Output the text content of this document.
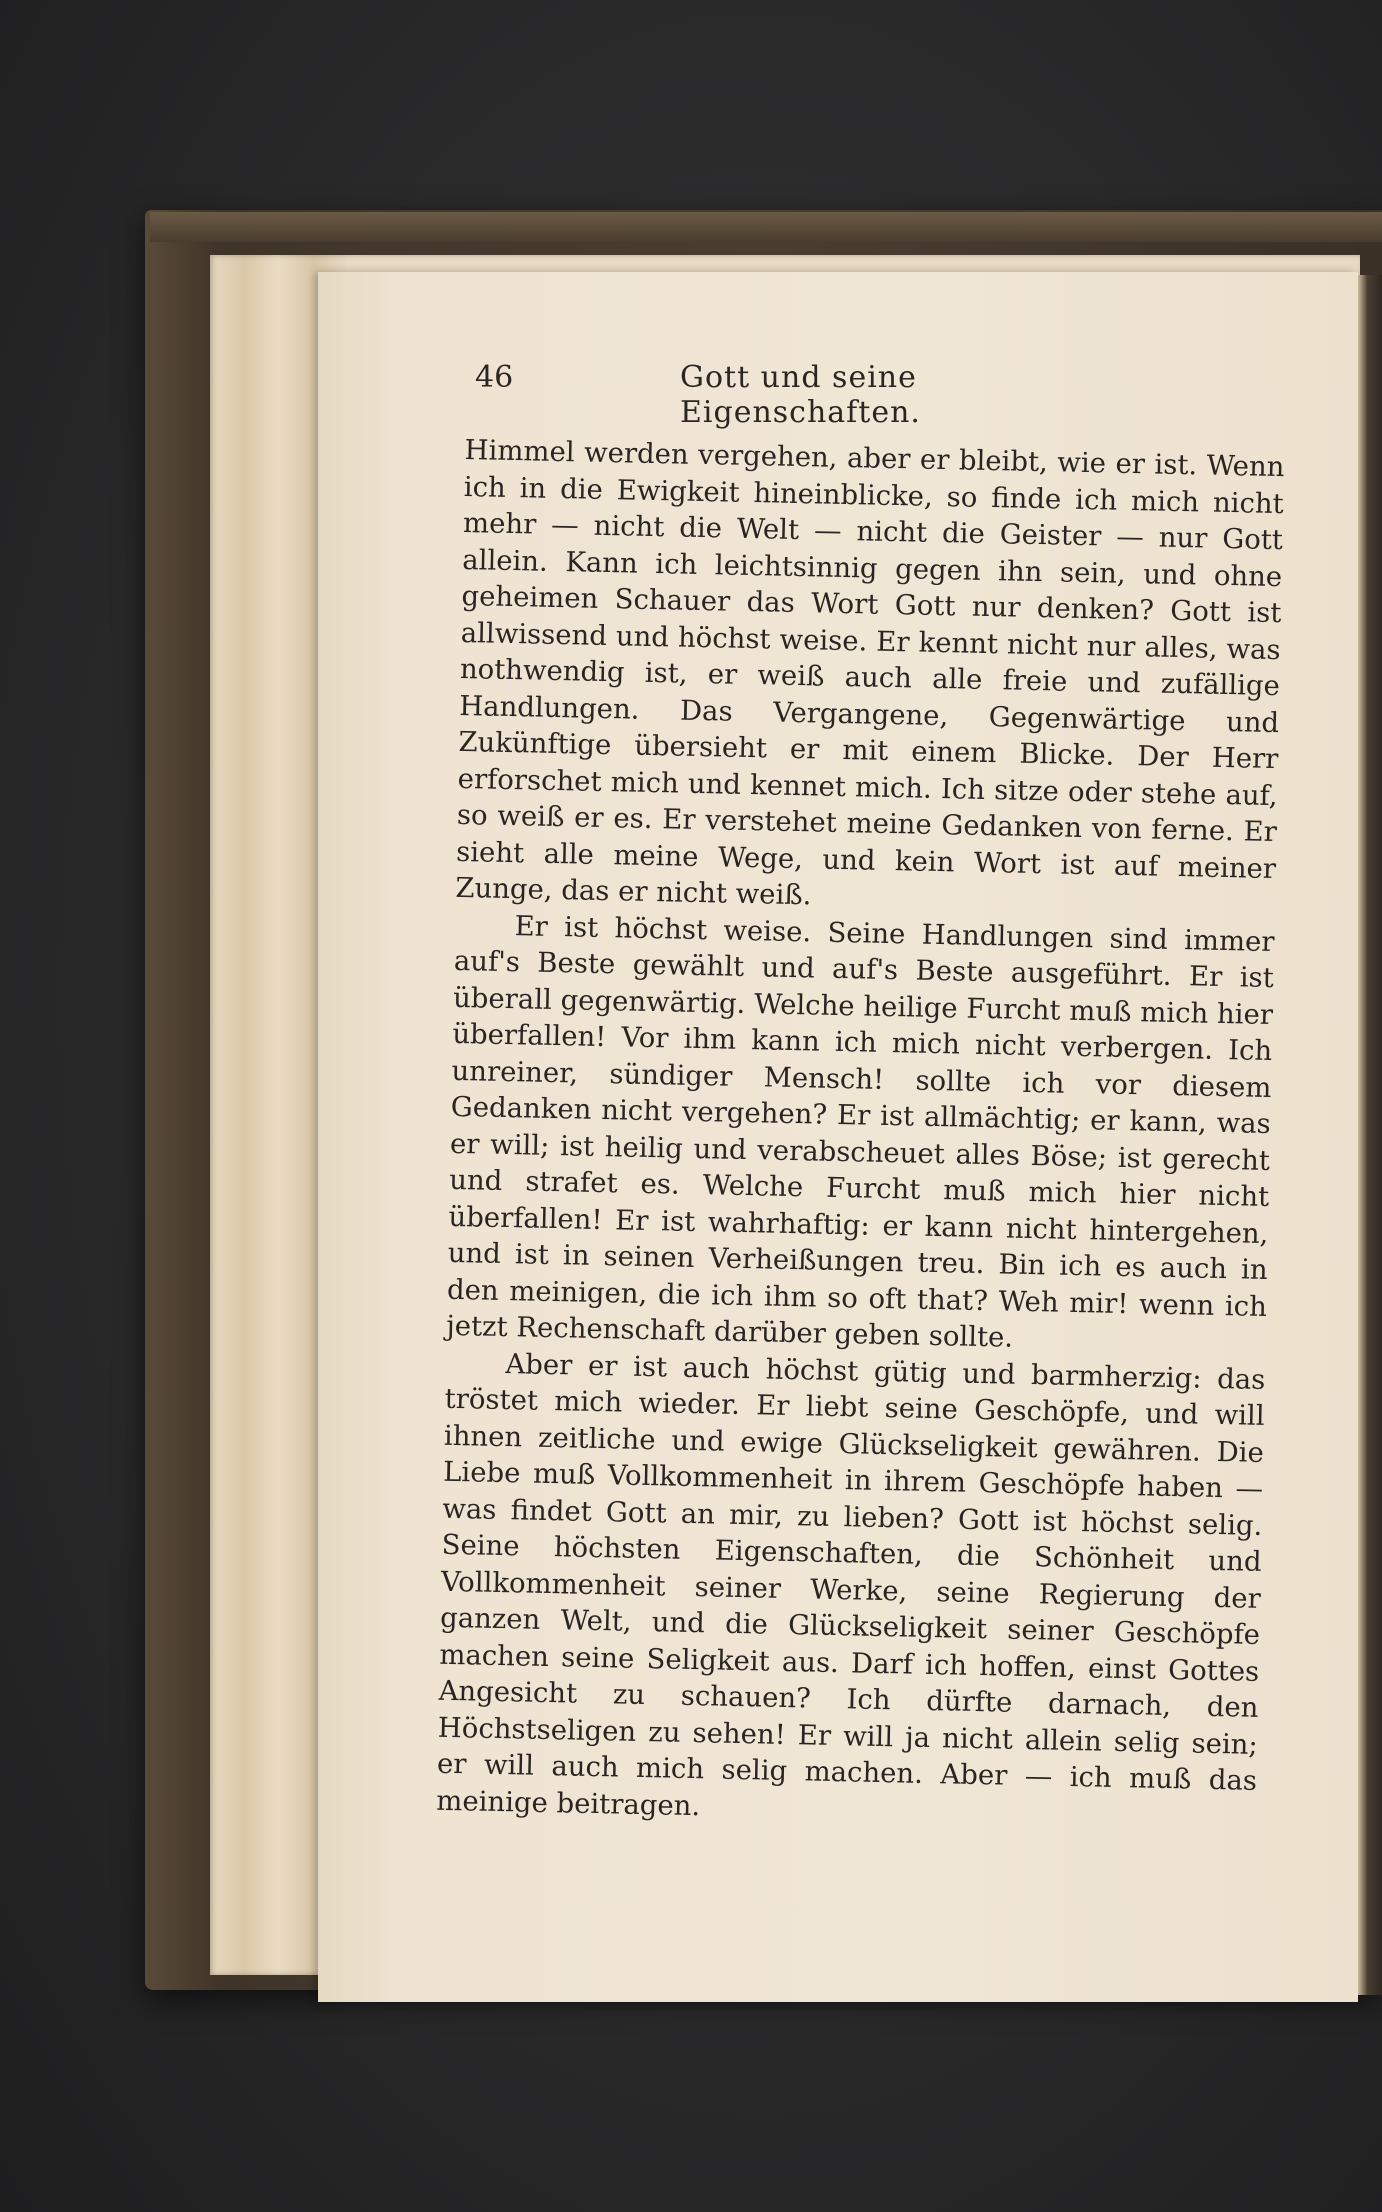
46	Gott und seine Eigenschaften.

Himmel werden vergehen, aber er bleibt, wie er ist. Wenn ich in die Ewigkeit hineinblicke, so finde ich mich nicht mehr — nicht die Welt — nicht die Geister — nur Gott allein. Kann ich leichtsinnig gegen ihn sein, und ohne geheimen Schauer das Wort Gott nur denken? Gott ist allwissend und höchst weise. Er kennt nicht nur alles, was nothwendig ist, er weiß auch alle freie und zufällige Handlungen. Das Vergangene, Gegenwärtige und Zukünftige übersieht er mit einem Blicke. Der Herr erforschet mich und kennet mich. Ich sitze oder stehe auf, so weiß er es. Er verstehet meine Gedanken von ferne. Er sieht alle meine Wege, und kein Wort ist auf meiner Zunge, das er nicht weiß.

Er ist höchst weise. Seine Handlungen sind immer auf's Beste gewählt und auf's Beste ausgeführt. Er ist überall gegenwärtig. Welche heilige Furcht muß mich hier überfallen! Vor ihm kann ich mich nicht verbergen. Ich unreiner, sündiger Mensch! sollte ich vor diesem Gedanken nicht vergehen? Er ist allmächtig; er kann, was er will; ist heilig und verabscheuet alles Böse; ist gerecht und strafet es. Welche Furcht muß mich hier nicht überfallen! Er ist wahrhaftig: er kann nicht hintergehen, und ist in seinen Verheißungen treu. Bin ich es auch in den meinigen, die ich ihm so oft that? Weh mir! wenn ich jetzt Rechenschaft darüber geben sollte.

Aber er ist auch höchst gütig und barmherzig: das tröstet mich wieder. Er liebt seine Geschöpfe, und will ihnen zeitliche und ewige Glückseligkeit gewähren. Die Liebe muß Vollkommenheit in ihrem Geschöpfe haben — was findet Gott an mir, zu lieben? Gott ist höchst selig. Seine höchsten Eigenschaften, die Schönheit und Vollkommenheit seiner Werke, seine Regierung der ganzen Welt, und die Glückseligkeit seiner Geschöpfe machen seine Seligkeit aus. Darf ich hoffen, einst Gottes Angesicht zu schauen? Ich dürfte darnach, den Höchstseligen zu sehen! Er will ja nicht allein selig sein; er will auch mich selig machen. Aber — ich muß das meinige beitragen.
